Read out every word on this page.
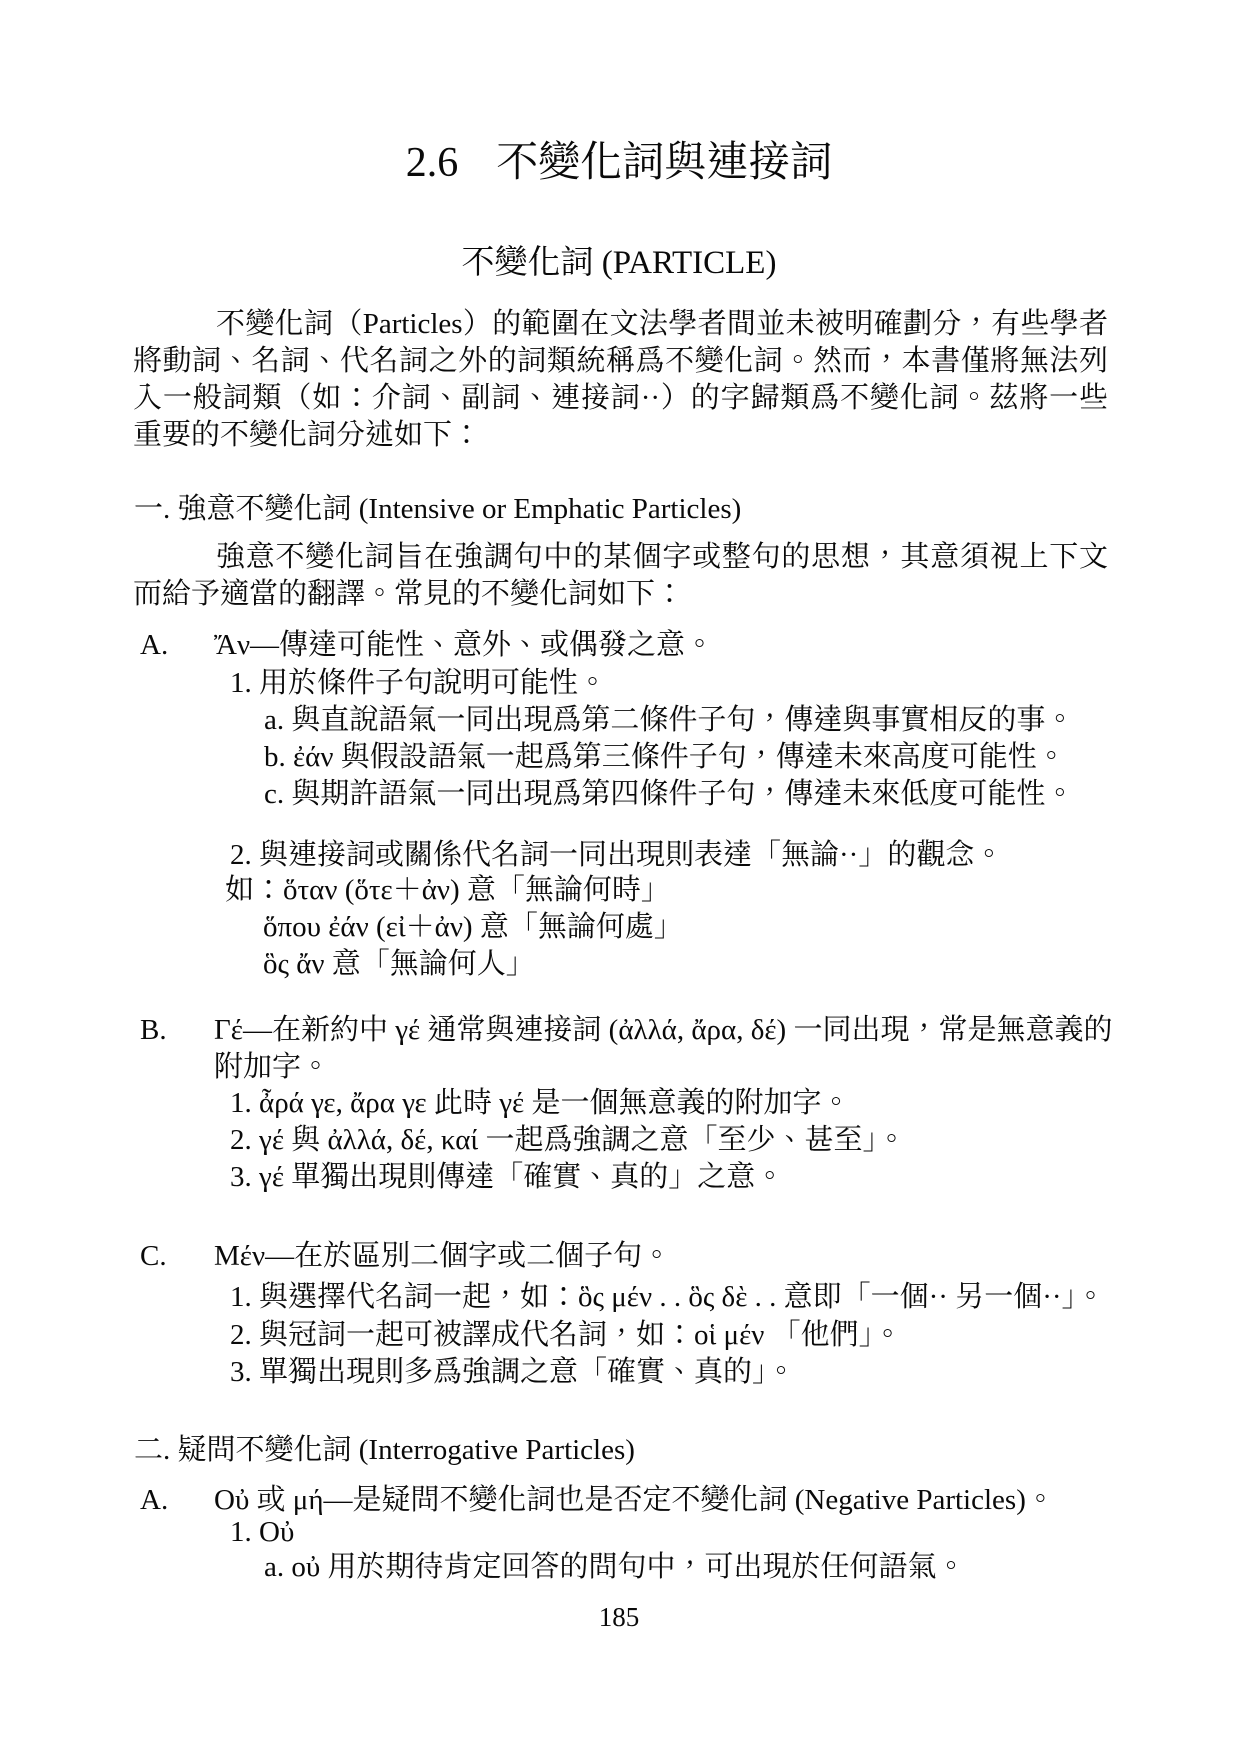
2.6 不變化詞與連接詞
不變化詞 (PARTICLE)
不變化詞（Particles）的範圍在文法學者間並未被明確劃分，有些學者將動詞、名詞、代名詞之外的詞類統稱爲不變化詞。然而，本書僅將無法列入一般詞類（如：介詞、副詞、連接詞··）的字歸類爲不變化詞。茲將一些重要的不變化詞分述如下：
一. 強意不變化詞 (Intensive or Emphatic Particles)
強意不變化詞旨在強調句中的某個字或整句的思想，其意須視上下文而給予適當的翻譯。常見的不變化詞如下：
A.	Ἄν—傳達可能性、意外、或偶發之意。
1. 用於條件子句說明可能性。
a. 與直說語氣一同出現爲第二條件子句，傳達與事實相反的事。
b. ἐάν 與假設語氣一起爲第三條件子句，傳達未來高度可能性。
c. 與期許語氣一同出現爲第四條件子句，傳達未來低度可能性。
2. 與連接詞或關係代名詞一同出現則表達「無論··」的觀念。
如：ὅταν (ὅτε＋ἀν) 意「無論何時」
ὅπου ἐάν (εἰ＋ἀν) 意「無論何處」
ὃς ἄν 意「無論何人」
B.	Γέ—在新約中 γέ 通常與連接詞 (ἀλλά, ἄρα, δέ) 一同出現，常是無意義的附加字。
1. ἆρά γε, ἄρα γε 此時 γέ 是一個無意義的附加字。
2. γέ 與 ἀλλά, δέ, καί 一起爲強調之意「至少、甚至」。
3. γέ 單獨出現則傳達「確實、真的」之意。
C.	Μέν—在於區別二個字或二個子句。
1. 與選擇代名詞一起，如：ὃς μέν . . ὃς δὲ . . 意即「一個·· 另一個··」。
2. 與冠詞一起可被譯成代名詞，如：οἱ μέν 「他們」。
3. 單獨出現則多爲強調之意「確實、真的」。
二. 疑問不變化詞 (Interrogative Particles)
A.	Οὐ 或 μή—是疑問不變化詞也是否定不變化詞 (Negative Particles)。
1. Οὐ
a. οὐ 用於期待肯定回答的問句中，可出現於任何語氣。
185
